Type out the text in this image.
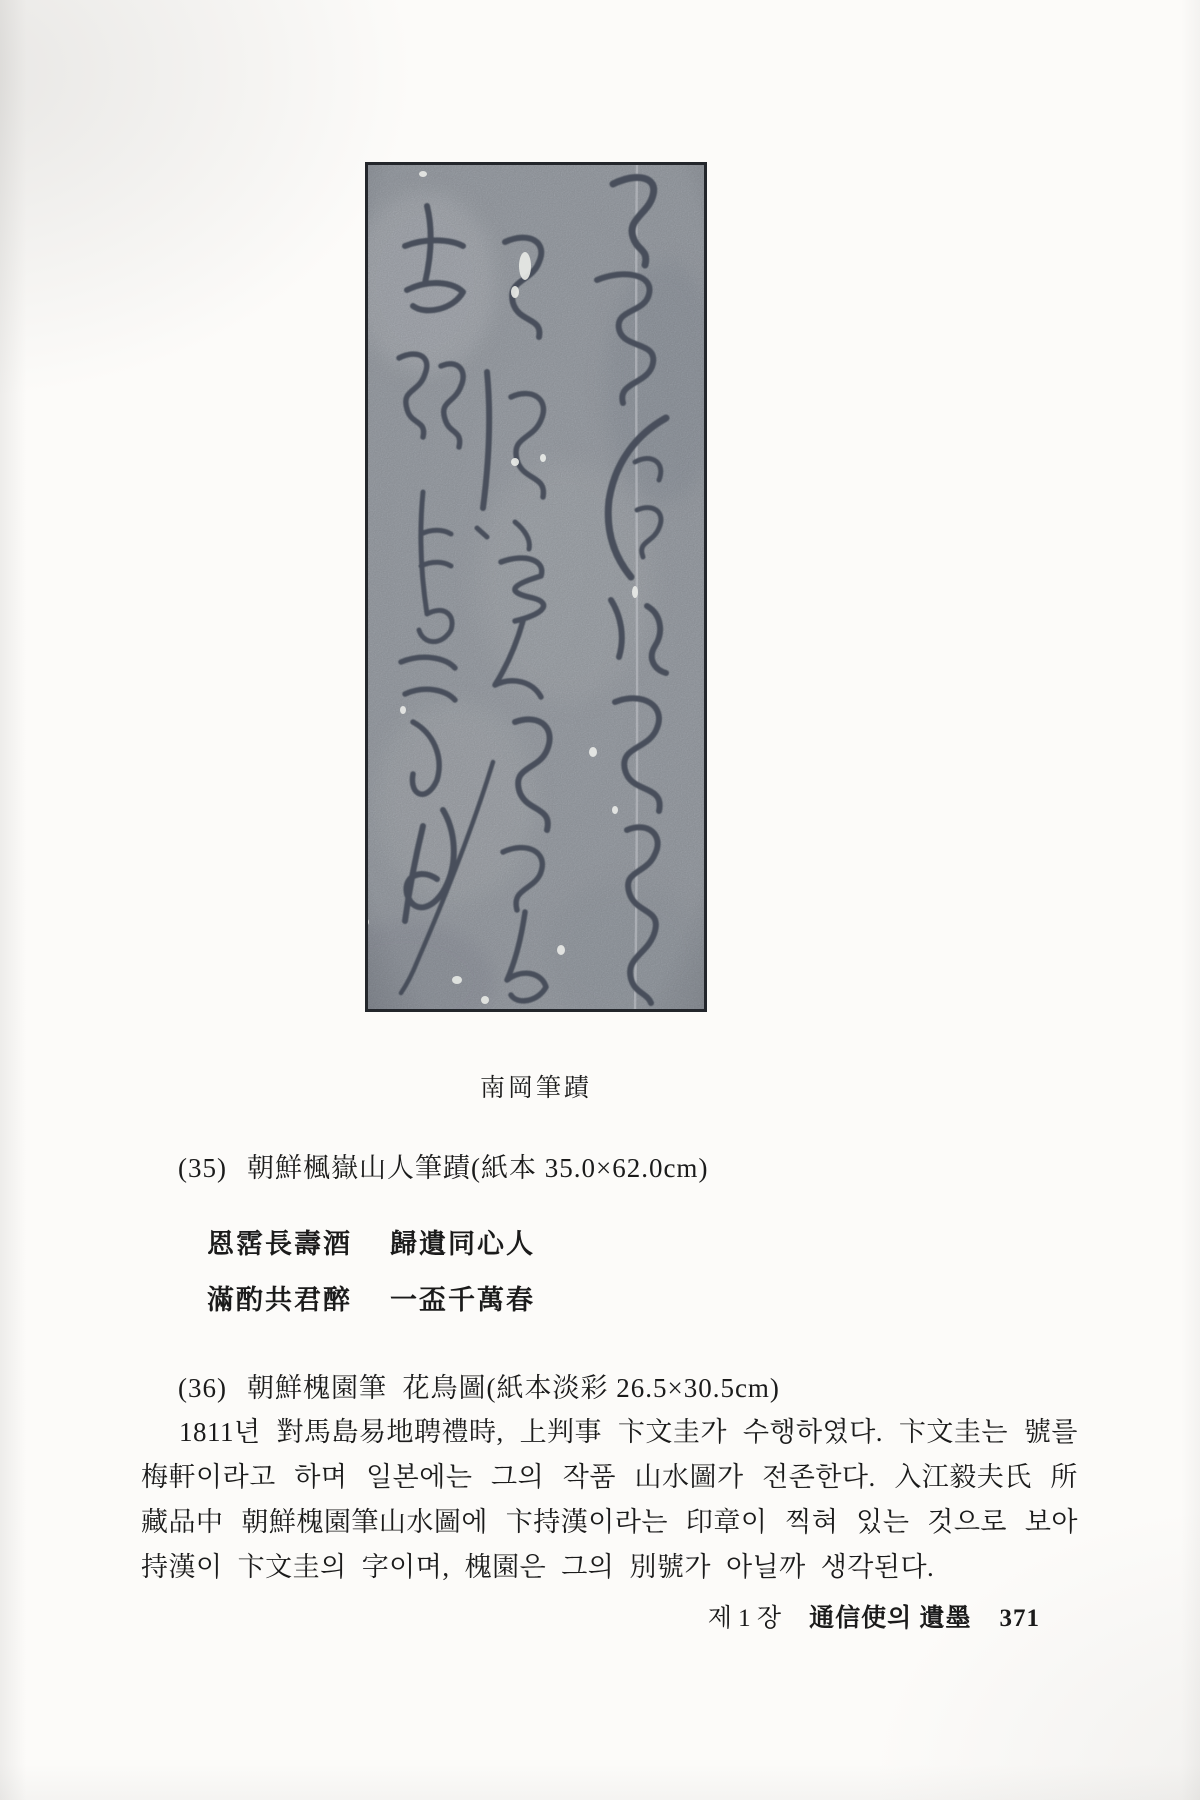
南岡筆蹟
(35) 朝鮮楓嶽山人筆蹟(紙本 35.0×62.0cm)
恩霑長壽酒 歸遺同心人
滿酌共君醉 一盃千萬春
(36) 朝鮮槐園筆  花鳥圖(紙本淡彩 26.5×30.5cm)
1811년 對馬島易地聘禮時, 上判事 卞文圭가 수행하였다. 卞文圭는 號를
梅軒이라고 하며 일본에는 그의 작품 山水圖가 전존한다. 入江毅夫氏 所
藏品中 朝鮮槐園筆山水圖에 卞持漢이라는 印章이 찍혀 있는 것으로 보아
持漢이 卞文圭의 字이며, 槐園은 그의 別號가 아닐까 생각된다.
제 1 장 通信使의 遺墨 371
